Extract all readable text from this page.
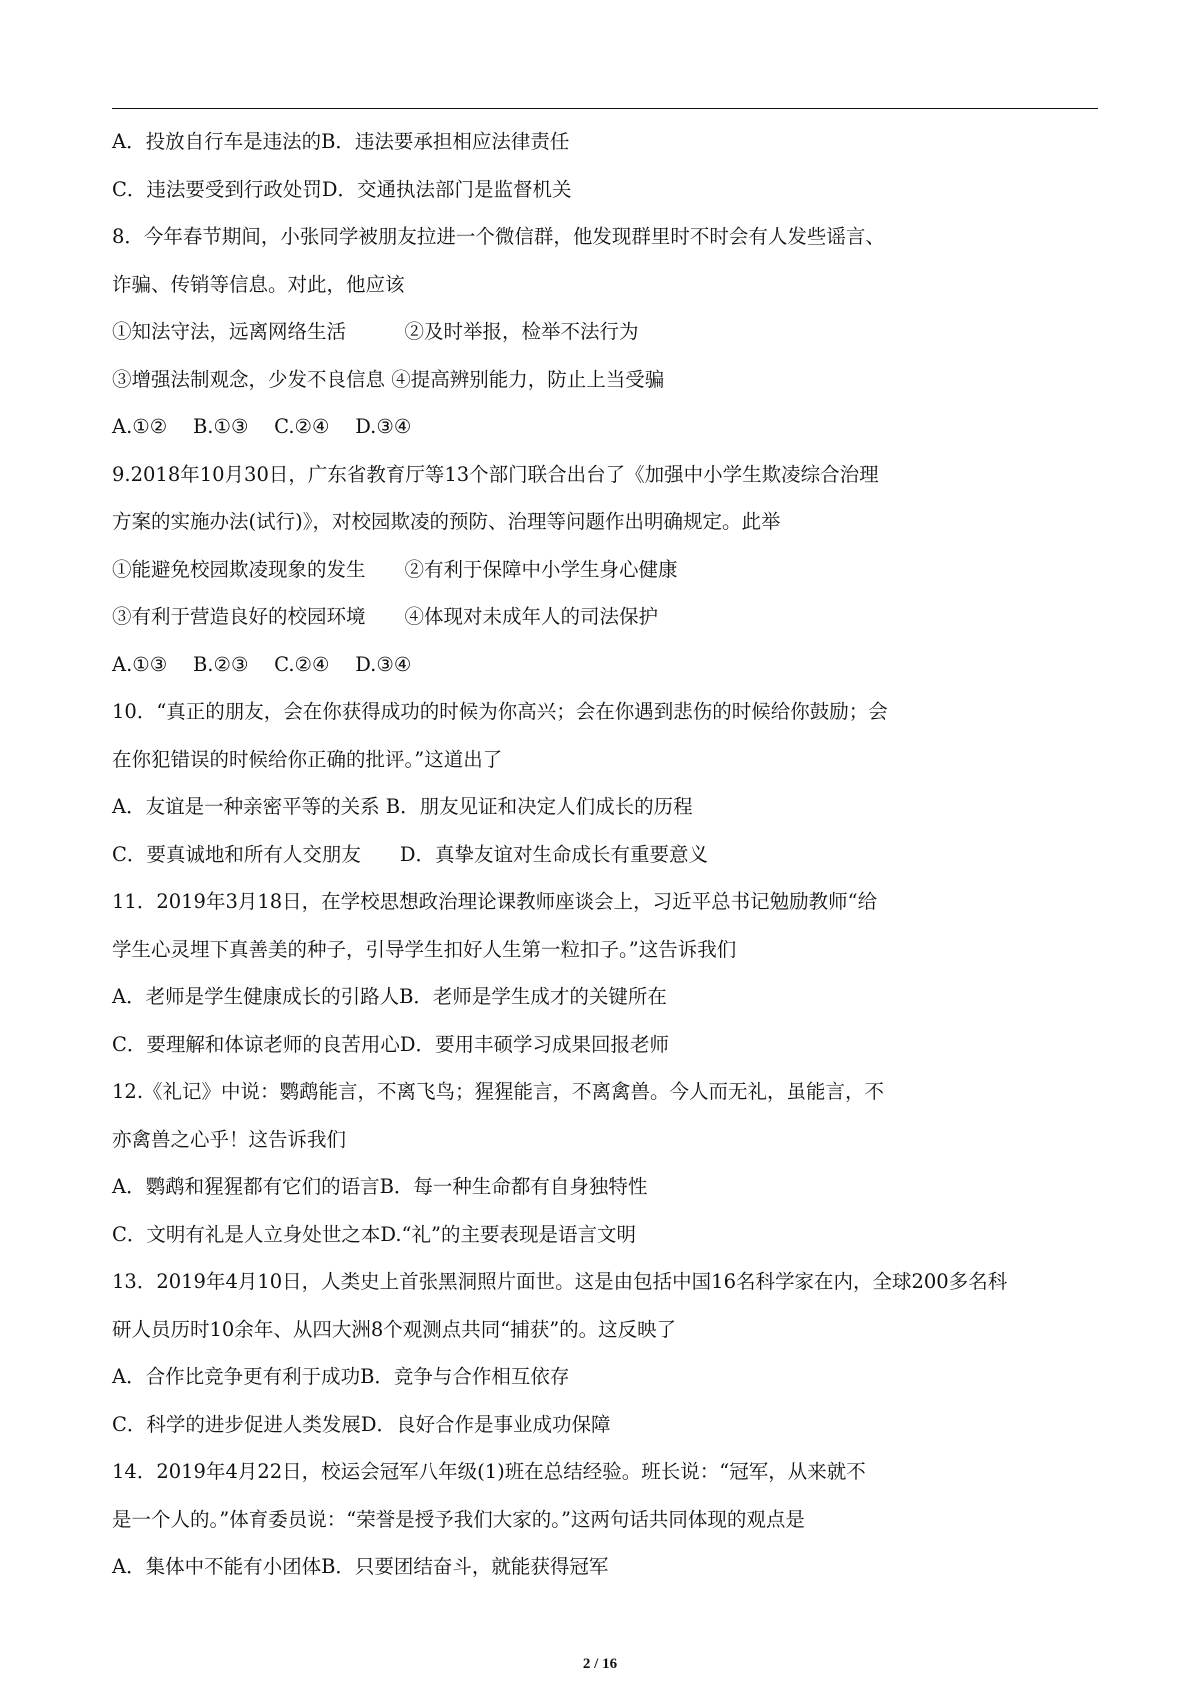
A．投放自行车是违法的B．违法要承担相应法律责任
C．违法要受到行政处罚D．交通执法部门是监督机关
8．今年春节期间，小张同学被朋友拉进一个微信群，他发现群里时不时会有人发些谣言、
诈骗、传销等信息。对此，他应该
①知法守法，远离网络生活　　　②及时举报，检举不法行为
③增强法制观念，少发不良信息 ④提高辨别能力，防止上当受骗
A.①②　 B.①③　 C.②④　 D.③④
9.2018年10月30日，广东省教育厅等13个部门联合出台了《加强中小学生欺凌综合治理
方案的实施办法(试行)》，对校园欺凌的预防、治理等问题作出明确规定。此举
①能避免校园欺凌现象的发生　　②有利于保障中小学生身心健康
③有利于营造良好的校园环境　　④体现对未成年人的司法保护
A.①③　 B.②③　 C.②④　 D.③④
10．“真正的朋友，会在你获得成功的时候为你高兴；会在你遇到悲伤的时候给你鼓励；会
在你犯错误的时候给你正确的批评。”这道出了
A．友谊是一种亲密平等的关系 B．朋友见证和决定人们成长的历程
C．要真诚地和所有人交朋友　　D．真挚友谊对生命成长有重要意义
11．2019年3月18日，在学校思想政治理论课教师座谈会上，习近平总书记勉励教师“给
学生心灵埋下真善美的种子，引导学生扣好人生第一粒扣子。”这告诉我们
A．老师是学生健康成长的引路人B．老师是学生成才的关键所在
C．要理解和体谅老师的良苦用心D．要用丰硕学习成果回报老师
12.《礼记》中说：鹦鹉能言，不离飞鸟；猩猩能言，不离禽兽。今人而无礼，虽能言，不
亦禽兽之心乎！这告诉我们
A．鹦鹉和猩猩都有它们的语言B．每一种生命都有自身独特性
C．文明有礼是人立身处世之本D.“礼”的主要表现是语言文明
13．2019年4月10日，人类史上首张黑洞照片面世。这是由包括中国16名科学家在内，全球200多名科
研人员历时10余年、从四大洲8个观测点共同“捕获”的。这反映了
A．合作比竞争更有利于成功B．竞争与合作相互依存
C．科学的进步促进人类发展D．良好合作是事业成功保障
14．2019年4月22日，校运会冠军八年级(1)班在总结经验。班长说：“冠军，从来就不
是一个人的。”体育委员说：“荣誉是授予我们大家的。”这两句话共同体现的观点是
A．集体中不能有小团体B．只要团结奋斗，就能获得冠军
2 / 16
